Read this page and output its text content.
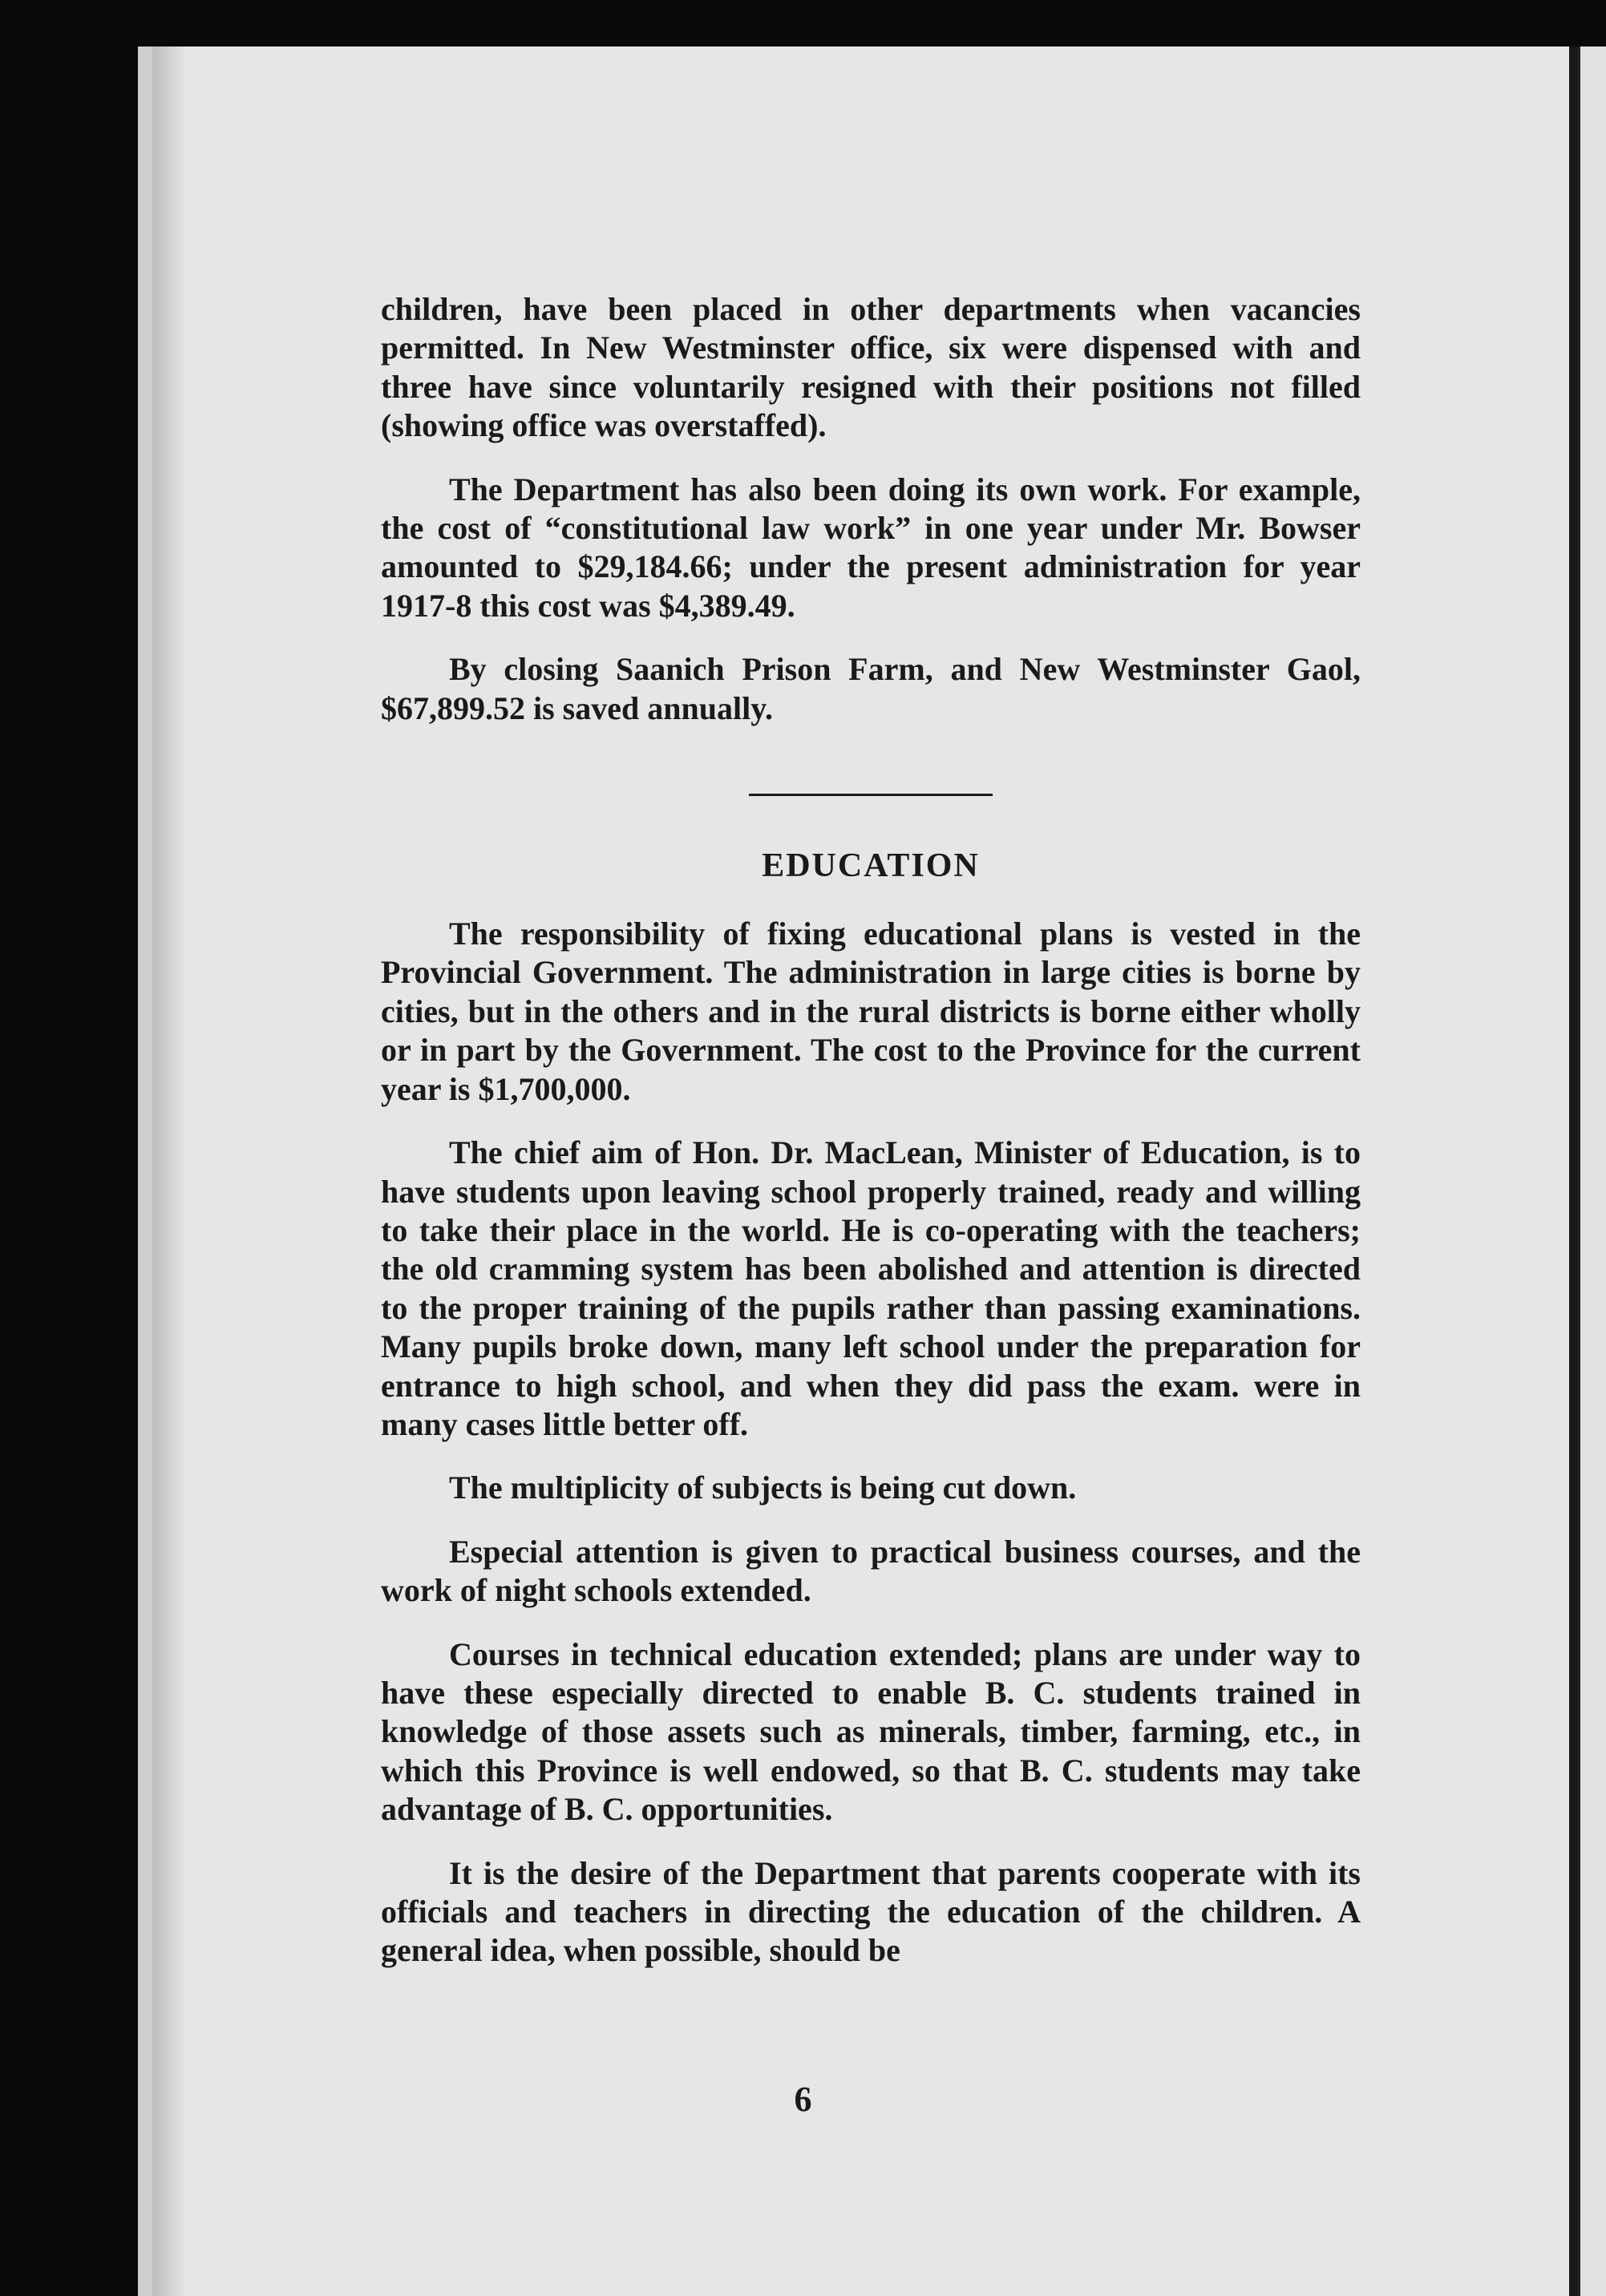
children, have been placed in other departments when vacancies permitted. In New Westminster office, six were dispensed with and three have since voluntarily resigned with their positions not filled (showing office was overstaffed).

The Department has also been doing its own work. For example, the cost of “constitutional law work” in one year under Mr. Bowser amounted to $29,184.66; under the present administration for year 1917-8 this cost was $4,389.49.

By closing Saanich Prison Farm, and New Westminster Gaol, $67,899.52 is saved annually.

EDUCATION

The responsibility of fixing educational plans is vested in the Provincial Government. The administration in large cities is borne by cities, but in the others and in the rural districts is borne either wholly or in part by the Government. The cost to the Province for the current year is $1,700,000.

The chief aim of Hon. Dr. MacLean, Minister of Education, is to have students upon leaving school properly trained, ready and willing to take their place in the world. He is co-operating with the teachers; the old cramming system has been abolished and attention is directed to the proper training of the pupils rather than passing examinations. Many pupils broke down, many left school under the preparation for entrance to high school, and when they did pass the exam. were in many cases little better off.

The multiplicity of subjects is being cut down.

Especial attention is given to practical business courses, and the work of night schools extended.

Courses in technical education extended; plans are under way to have these especially directed to enable B. C. students trained in knowledge of those assets such as minerals, timber, farming, etc., in which this Province is well endowed, so that B. C. students may take advantage of B. C. opportunities.

It is the desire of the Department that parents cooperate with its officials and teachers in directing the education of the children. A general idea, when possible, should be

6
